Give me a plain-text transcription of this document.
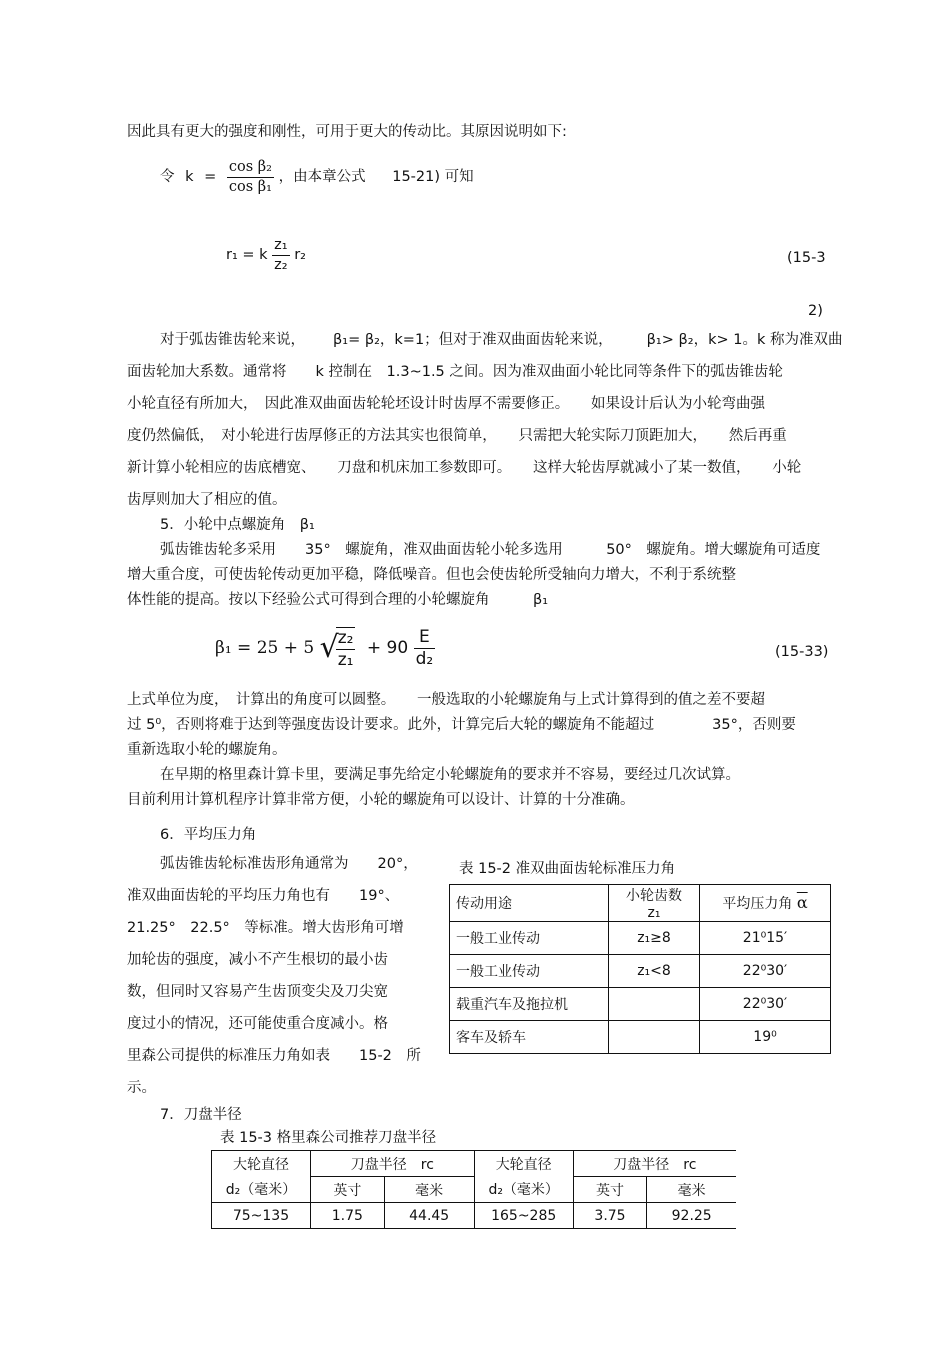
因此具有更大的强度和刚性，可用于更大的传动比。其原因说明如下:
令 $k = \frac{\text{cos β₂}}{\text{cos β₁}}$ ，由本章公式 15-21) 可知
r₁ = k $\frac{\text{z₁}}{\text{z₂}} r_2$	(15-3
2)
对于弧齿锥齿轮来说， β₁= β₂，k=1；但对于准双曲面齿轮来说， β₁> β₂，k> 1。k 称为准双曲
面齿轮加大系数。通常将　　k 控制在　1.3~1.5 之间。因为准双曲面小轮比同等条件下的弧齿锥齿轮
小轮直径有所加大，　因此准双曲面齿轮轮坯设计时齿厚不需要修正。　　如果设计后认为小轮弯曲强
度仍然偏低，　对小轮进行齿厚修正的方法其实也很简单，　　只需把大轮实际刀顶距加大，　　然后再重
新计算小轮相应的齿底槽宽、　　刀盘和机床加工参数即可。　　这样大轮齿厚就减小了某一数值，　　小轮
齿厚则加大了相应的值。
5．小轮中点螺旋角　β₁
弧齿锥齿轮多采用　　35°　螺旋角，准双曲面齿轮小轮多选用　　　50°　螺旋角。增大螺旋角可适度
增大重合度，可使齿轮传动更加平稳，降低噪音。但也会使齿轮所受轴向力增大，不利于系统整
体性能的提高。按以下经验公式可得到合理的小轮螺旋角　　　β₁
β₁ = 25 + 5 √
$\frac{\text{z₂}}{\text{z₁}} + 90 \frac{E}{\text{d₂}}$	(15-33)
上式单位为度，　计算出的角度可以圆整。　　一般选取的小轮螺旋角与上式计算得到的值之差不要超
过 5⁰，否则将难于达到等强度齿设计要求。此外，计算完后大轮的螺旋角不能超过　　　　35°，否则要
重新选取小轮的螺旋角。
在早期的格里森计算卡里，要满足事先给定小轮螺旋角的要求并不容易，要经过几次试算。
目前利用计算机程序计算非常方便，小轮的螺旋角可以设计、计算的十分准确。
6．平均压力角
弧齿锥齿轮标准齿形角通常为　　20°，
准双曲面齿轮的平均压力角也有　　19°、
21.25°　22.5°　等标准。增大齿形角可增
加轮齿的强度，减小不产生根切的最小齿
数，但同时又容易产生齿顶变尖及刀尖宽
度过小的情况，还可能使重合度减小。格
里森公司提供的标准压力角如表　　15-2　所
示。
表 15-2 准双曲面齿轮标准压力角
传动用途	小轮齿数　z₁	平均压力角 $\overline{\alpha}$
一般工业传动	z₁≥8	21⁰15′
一般工业传动	z₁<8	22⁰30′
载重汽车及拖拉机		22⁰30′
客车及轿车		19⁰
7．刀盘半径
表 15-3 格里森公司推荐刀盘半径
大轮直径	刀盘半径　rc		大轮直径	刀盘半径　rc	
d₂（毫米）	英寸	毫米	d₂（毫米）	英寸	毫米
75~135	1.75	44.45	165~285	3.75	92.25
